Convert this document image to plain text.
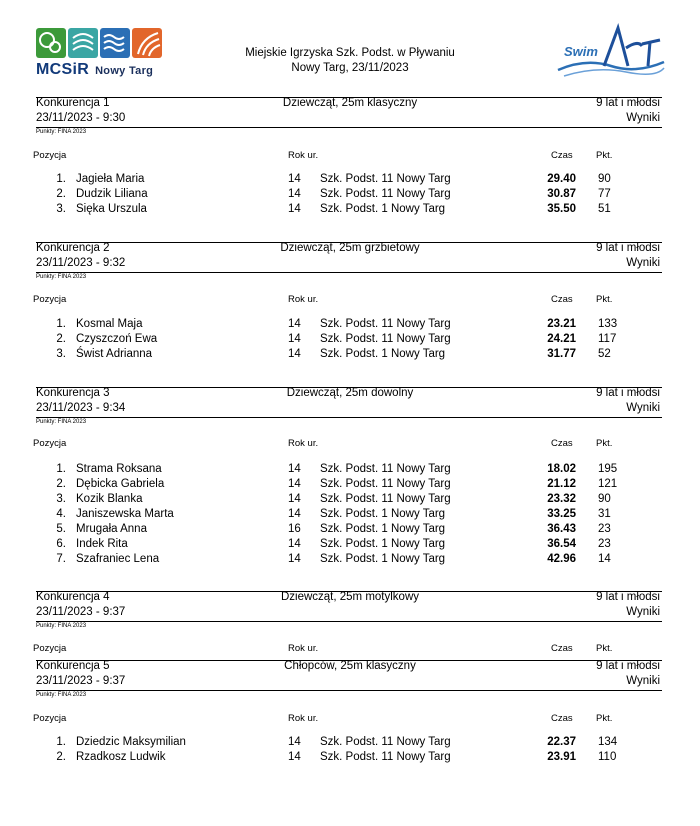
MCSiR Nowy Targ
Miejskie Igrzyska Szk. Podst. w Pływaniu
Nowy Targ, 23/11/2023
Swim
Konkurencja 1	Dziewcząt, 25m klasyczny	9 lat i młodsi
23/11/2023 - 9:30	Wyniki
Punkty: FINA 2023
Pozycja	Rok ur.	Czas Pkt.
1. Jagieła Maria	14 Szk. Podst. 11 Nowy Targ	29.40 90
2. Dudzik Liliana	14 Szk. Podst. 11 Nowy Targ	30.87 77
3. Sięka Urszula	14 Szk. Podst. 1 Nowy Targ	35.50 51
Konkurencja 2	Dziewcząt, 25m grzbietowy	9 lat i młodsi
23/11/2023 - 9:32	Wyniki
Punkty: FINA 2023
Pozycja	Rok ur.	Czas Pkt.
1. Kosmal Maja	14 Szk. Podst. 11 Nowy Targ	23.21 133
2. Czyszczoń Ewa	14 Szk. Podst. 11 Nowy Targ	24.21 117
3. Świst Adrianna	14 Szk. Podst. 1 Nowy Targ	31.77 52
Konkurencja 3	Dziewcząt, 25m dowolny	9 lat i młodsi
23/11/2023 - 9:34	Wyniki
Punkty: FINA 2023
Pozycja	Rok ur.	Czas Pkt.
1. Strama Roksana	14 Szk. Podst. 11 Nowy Targ	18.02 195
2. Dębicka Gabriela	14 Szk. Podst. 11 Nowy Targ	21.12 121
3. Kozik Blanka	14 Szk. Podst. 11 Nowy Targ	23.32 90
4. Janiszewska Marta	14 Szk. Podst. 1 Nowy Targ	33.25 31
5. Mrugała Anna	16 Szk. Podst. 1 Nowy Targ	36.43 23
6. Indek Rita	14 Szk. Podst. 1 Nowy Targ	36.54 23
7. Szafraniec Lena	14 Szk. Podst. 1 Nowy Targ	42.96 14
Konkurencja 4	Dziewcząt, 25m motylkowy	9 lat i młodsi
23/11/2023 - 9:37	Wyniki
Punkty: FINA 2023
Pozycja	Rok ur.	Czas Pkt.
Konkurencja 5	Chłopców, 25m klasyczny	9 lat i młodsi
23/11/2023 - 9:37	Wyniki
Punkty: FINA 2023
Pozycja	Rok ur.	Czas Pkt.
1. Dziedzic Maksymilian	14 Szk. Podst. 11 Nowy Targ	22.37 134
2. Rzadkosz Ludwik	14 Szk. Podst. 11 Nowy Targ	23.91 110
